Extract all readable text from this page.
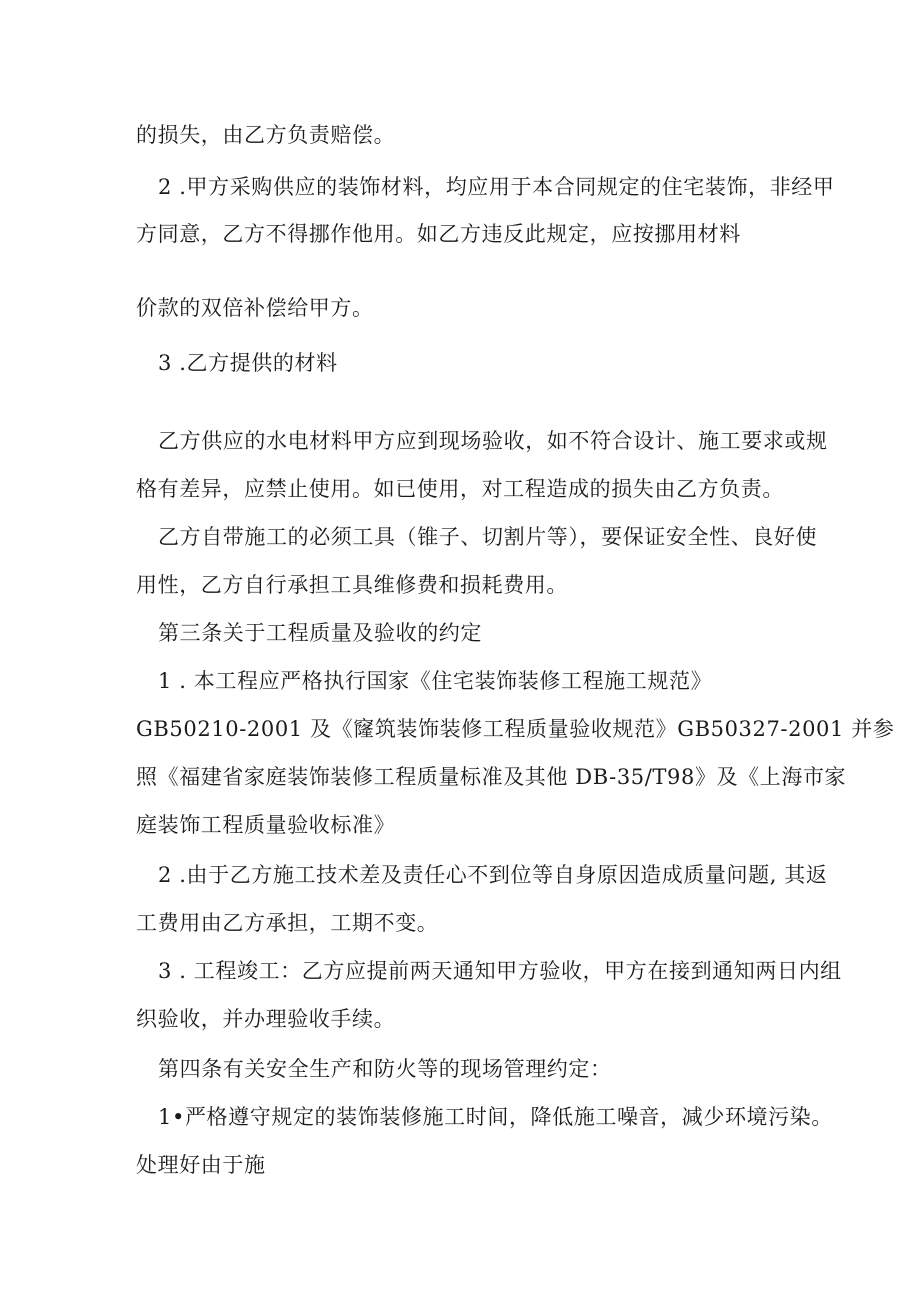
的损失，由乙方负责赔偿。
2 .甲方采购供应的装饰材料，均应用于本合同规定的住宅装饰，非经甲
方同意，乙方不得挪作他用。如乙方违反此规定，应按挪用材料
价款的双倍补偿给甲方。
3 .乙方提供的材料
乙方供应的水电材料甲方应到现场验收，如不符合设计、施工要求或规
格有差异，应禁止使用。如已使用，对工程造成的损失由乙方负责。
乙方自带施工的必须工具（锥子、切割片等），要保证安全性、良好使
用性，乙方自行承担工具维修费和损耗费用。
第三条关于工程质量及验收的约定
1 . 本工程应严格执行国家《住宅装饰装修工程施工规范》
GB50210-2001 及《窿筑装饰装修工程质量验收规范》GB50327-2001 并参
照《福建省家庭装饰装修工程质量标准及其他 DB-35/T98》及《上海市家
庭装饰工程质量验收标准》
2 .由于乙方施工技术差及责任心不到位等自身原因造成质量问题, 其返
工费用由乙方承担，工期不变。
3 . 工程竣工：乙方应提前两天通知甲方验收，甲方在接到通知两日内组
织验收，并办理验收手续。
第四条有关安全生产和防火等的现场管理约定：
1•严格遵守规定的装饰装修施工时间，降低施工噪音，减少环境污染。
处理好由于施
